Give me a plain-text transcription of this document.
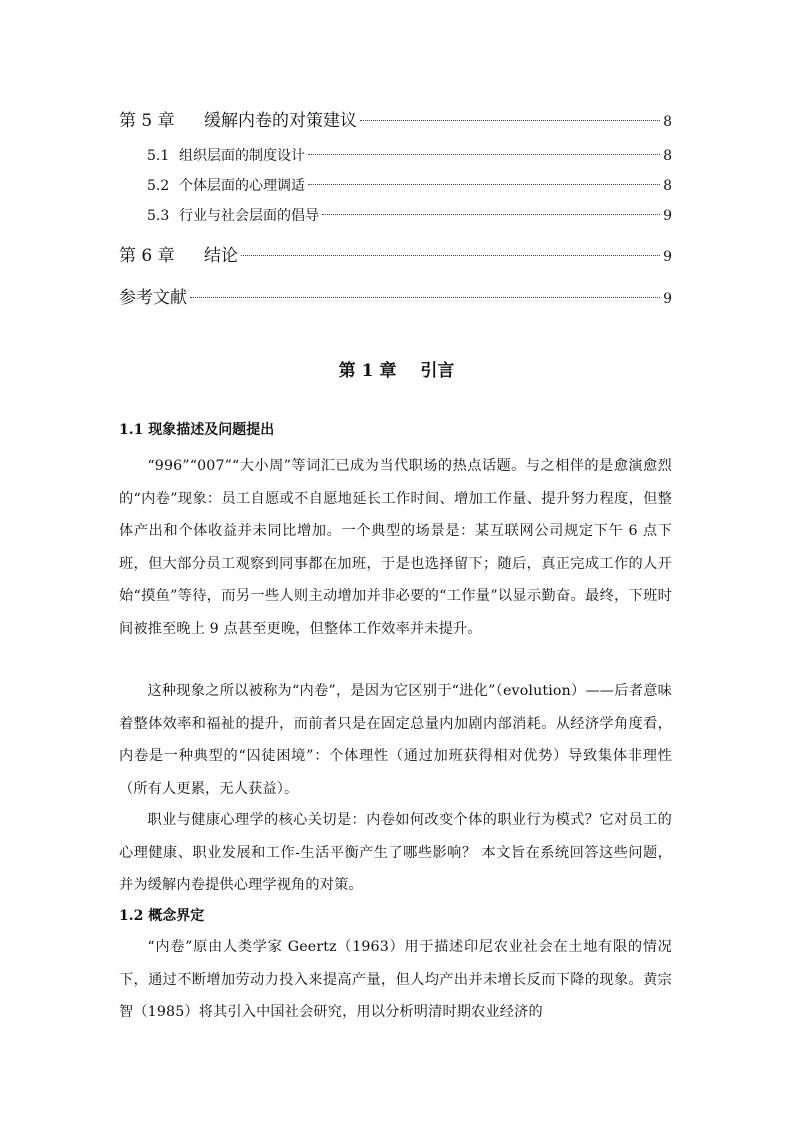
第 5 章	缓解内卷的对策建议	8
5.1 组织层面的制度设计	8
5.2 个体层面的心理调适	8
5.3 行业与社会层面的倡导	9
第 6 章	结论	9
参考文献	9
第 1 章 引言
1.1 现象描述及问题提出

“996”“007”“大小周”等词汇已成为当代职场的热点话题。与之相伴的是愈演愈烈的“内卷”现象：员工自愿或不自愿地延长工作时间、增加工作量、提升努力程度，但整体产出和个体收益并未同比增加。一个典型的场景是：某互联网公司规定下午 6 点下班，但大部分员工观察到同事都在加班，于是也选择留下；随后，真正完成工作的人开始“摸鱼”等待，而另一些人则主动增加并非必要的“工作量”以显示勤奋。最终，下班时间被推至晚上 9 点甚至更晚，但整体工作效率并未提升。

这种现象之所以被称为“内卷”，是因为它区别于“进化”（evolution）——后者意味着整体效率和福祉的提升，而前者只是在固定总量内加剧内部消耗。从经济学角度看，内卷是一种典型的“囚徒困境”：个体理性（通过加班获得相对优势）导致集体非理性（所有人更累，无人获益）。

职业与健康心理学的核心关切是：内卷如何改变个体的职业行为模式？它对员工的心理健康、职业发展和工作-生活平衡产生了哪些影响？ 本文旨在系统回答这些问题，并为缓解内卷提供心理学视角的对策。

1.2 概念界定

“内卷”原由人类学家 Geertz（1963）用于描述印尼农业社会在土地有限的情况下，通过不断增加劳动力投入来提高产量，但人均产出并未增长反而下降的现象。黄宗智（1985）将其引入中国社会研究，用以分析明清时期农业经济的
